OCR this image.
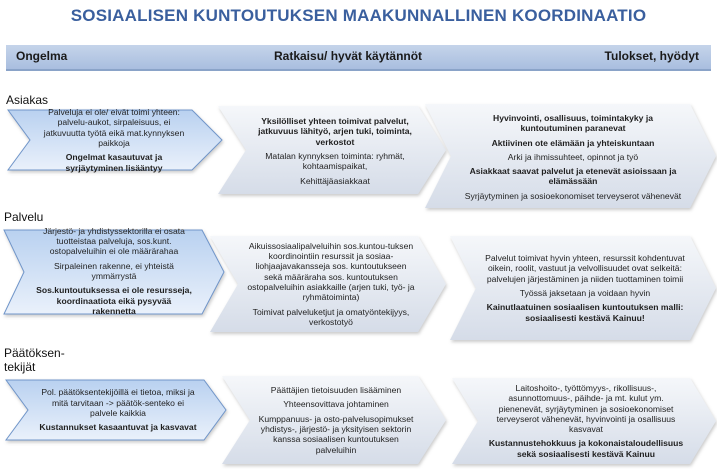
SOSIAALISEN KUNTOUTUKSEN MAAKUNNALLINEN KOORDINAATIO
Ongelma	Ratkaisu/ hyvät käytännöt	Tulokset, hyödyt
Asiakas
Palvelu
Päätöksen-
tekijät

Palveluja ei ole/ eivät toimi yhteen: palvelu-aukot, sirpaleisuus, ei jatkuvuutta työtä eikä mat.kynnyksen paikkoja

Ongelmat kasautuvat ja syrjäytyminen lisääntyy

Yksilölliset yhteen toimivat palvelut, jatkuvuus lähityö, arjen tuki, toiminta, verkostot

Matalan kynnyksen toiminta: ryhmät, kohtaamispaikat,

Kehittäjäasiakkaat

Hyvinvointi, osallisuus, toimintakyky ja kuntoutuminen paranevat

Aktiivinen ote elämään ja yhteiskuntaan

Arki ja ihmissuhteet, opinnot ja työ

Asiakkaat saavat palvelut ja etenevät asioissaan ja elämässään

Syrjäytyminen ja sosioekonomiset terveyserot vähenevät

Järjestö- ja yhdistyssektorilla ei osata tuotteistaa palveluja, sos.kunt. ostopalveluihin ei ole määrärahaa

Sirpaleinen rakenne, ei yhteistä ymmärrystä

Sos.kuntoutuksessa ei ole resursseja, koordinaatiota eikä pysyvää rakennetta

Aikuissosiaalipalveluihin sos.kuntou-tuksen koordinointiin resurssit ja sosiaa-liohjaajavakansseja sos. kuntoutukseen sekä määräraha sos. kuntoutuksen ostopalveluihin asiakkaille (arjen tuki, työ- ja ryhmätoiminta)

Toimivat palveluketjut ja omatyöntekijyys, verkostotyö

Palvelut toimivat hyvin yhteen, resurssit kohdentuvat oikein, roolit, vastuut ja velvollisuudet ovat selkeitä: palvelujen järjestäminen ja niiden tuottaminen toimii

Työssä jaksetaan ja voidaan hyvin

Kainutlaatuinen sosiaalisen kuntoutuksen malli: sosiaalisesti kestävä Kainuu!

Pol. päätöksentekijöillä ei tietoa, miksi ja mitä tarvitaan -> päätök-senteko ei palvele kaikkia

Kustannukset kasaantuvat ja kasvavat

Päättäjien tietoisuuden lisääminen

Yhteensovittava johtaminen

Kumppanuus- ja osto-palvelusopimukset yhdistys-, järjestö- ja yksityisen sektorin kanssa sosiaalisen kuntoutuksen palveluihin

Laitoshoito-, työttömyys-, rikollisuus-, asunnottomuus-, päihde- ja mt. kulut ym. pienenevät, syrjäytyminen ja sosioekonomiset terveyserot vähenevät, hyvinvointi ja osallisuus kasvavat

Kustannustehokkuus ja kokonaistaloudellisuus sekä sosiaalisesti kestävä Kainuu
